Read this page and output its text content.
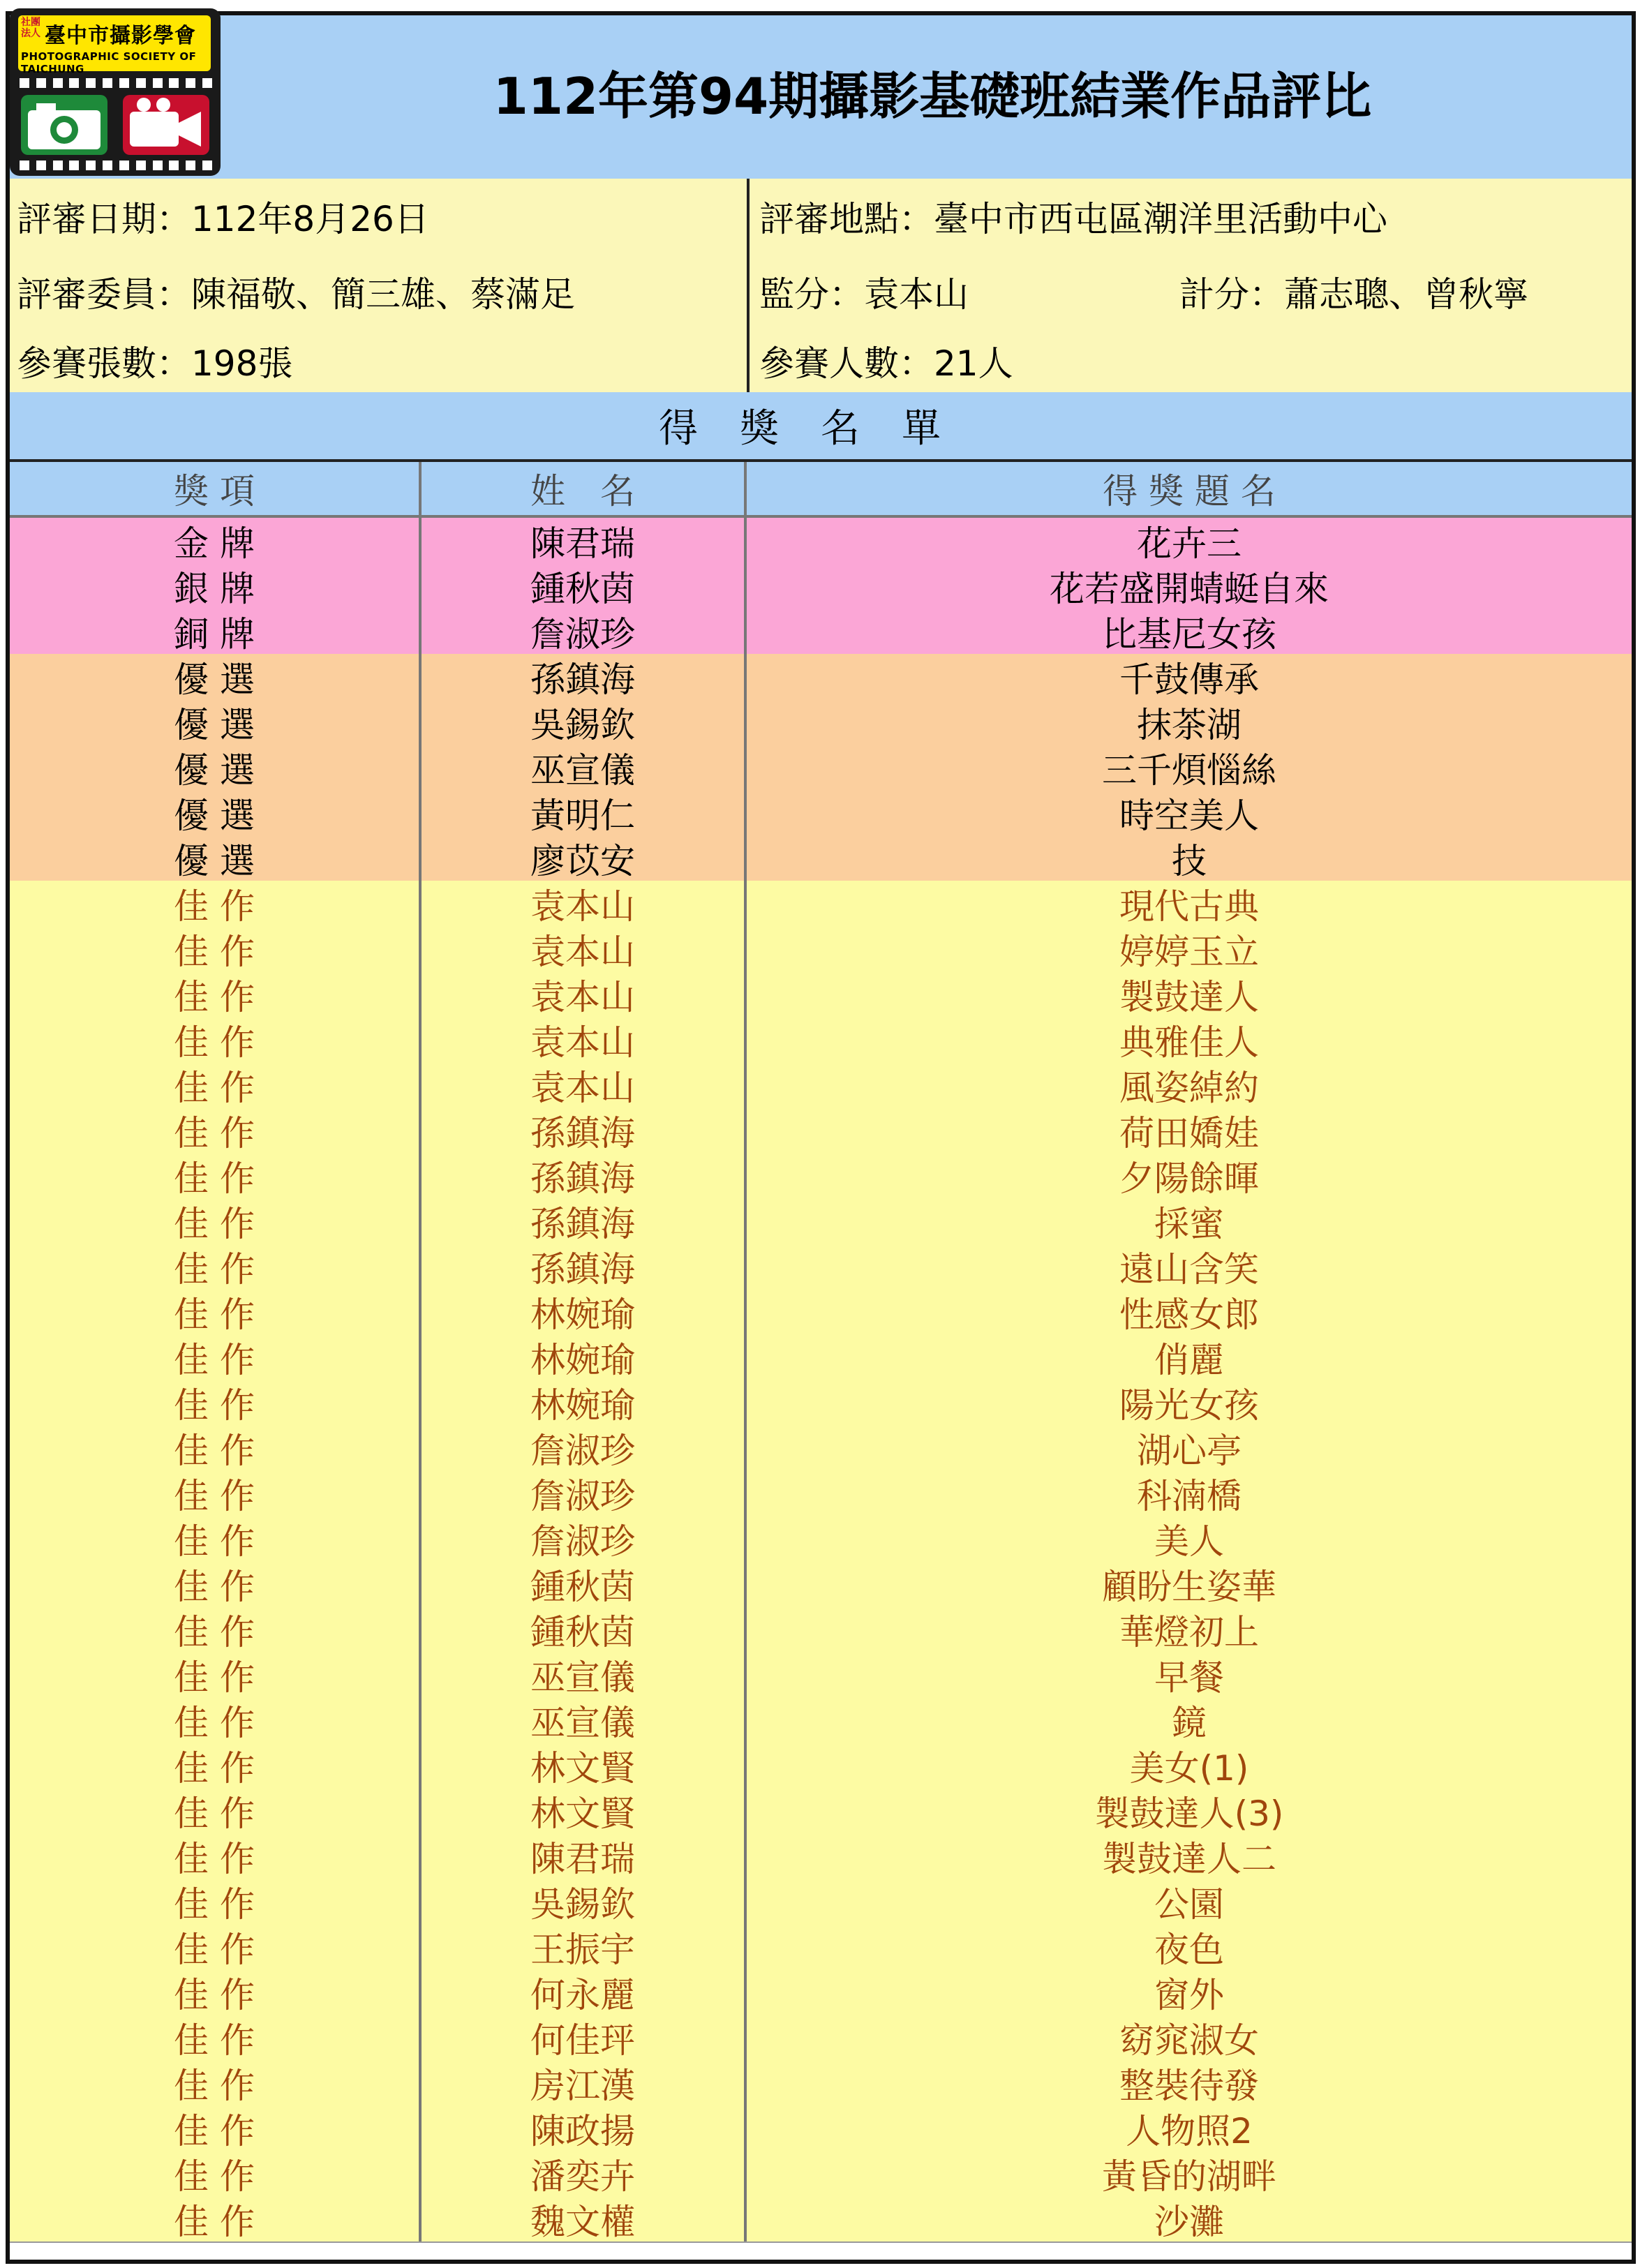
社團法人 臺中市攝影學會
PHOTOGRAPHIC SOCIETY OF TAICHUNG	112年第94期攝影基礎班結業作品評比
評審日期：112年8月26日	評審地點：臺中市西屯區潮洋里活動中心
評審委員：陳福敬、簡三雄、蔡滿足	監分：袁本山	計分：蕭志聰、曾秋寧
參賽張數：198張	參賽人數：21人
得獎名單
獎 項	姓　名	得 獎 題 名
金 牌	陳君瑞	花卉三
銀 牌	鍾秋茵	花若盛開蜻蜓自來
銅 牌	詹淑珍	比基尼女孩
優 選	孫鎮海	千鼓傳承
優 選	吳錫欽	抹茶湖
優 選	巫宣儀	三千煩惱絲
優 選	黃明仁	時空美人
優 選	廖苡安	技
佳 作	袁本山	現代古典
佳 作	袁本山	婷婷玉立
佳 作	袁本山	製鼓達人
佳 作	袁本山	典雅佳人
佳 作	袁本山	風姿綽約
佳 作	孫鎮海	荷田嬌娃
佳 作	孫鎮海	夕陽餘暉
佳 作	孫鎮海	採蜜
佳 作	孫鎮海	遠山含笑
佳 作	林婉瑜	性感女郎
佳 作	林婉瑜	俏麗
佳 作	林婉瑜	陽光女孩
佳 作	詹淑珍	湖心亭
佳 作	詹淑珍	科湳橋
佳 作	詹淑珍	美人
佳 作	鍾秋茵	顧盼生姿華
佳 作	鍾秋茵	華燈初上
佳 作	巫宣儀	早餐
佳 作	巫宣儀	鏡
佳 作	林文賢	美女(1)
佳 作	林文賢	製鼓達人(3)
佳 作	陳君瑞	製鼓達人二
佳 作	吳錫欽	公園
佳 作	王振宇	夜色
佳 作	何永麗	窗外
佳 作	何佳玶	窈窕淑女
佳 作	房江漢	整裝待發
佳 作	陳政揚	人物照2
佳 作	潘奕卉	黃昏的湖畔
佳 作	魏文權	沙灘
